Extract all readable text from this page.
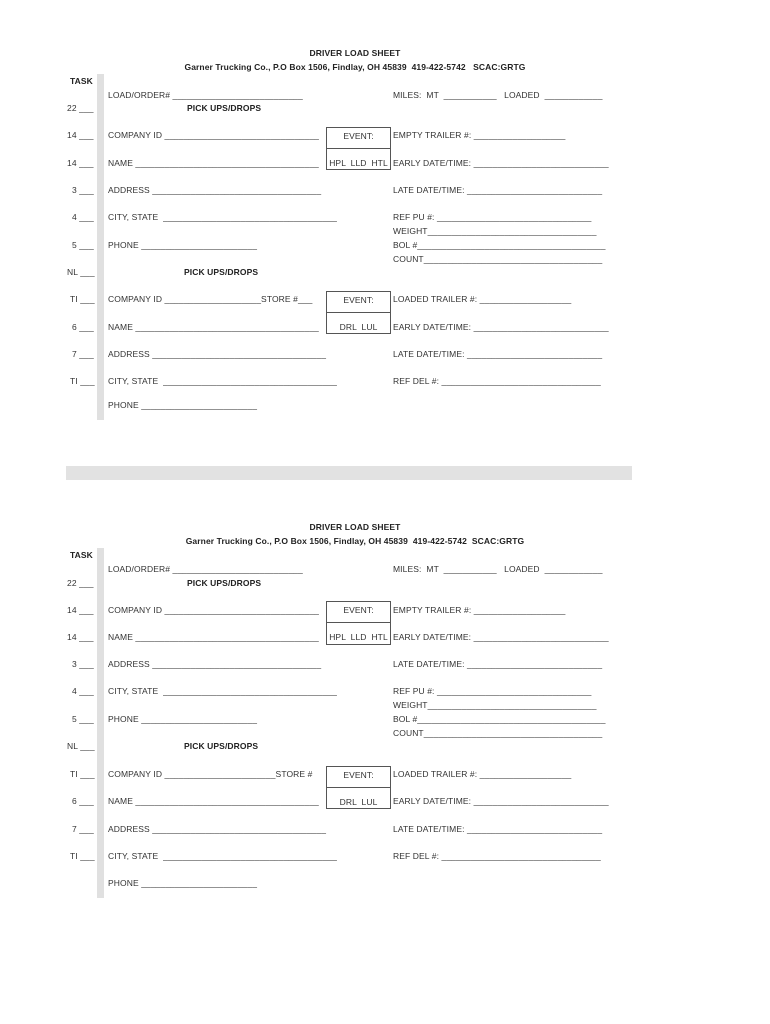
DRIVER LOAD SHEET
Garner Trucking Co., P.O Box 1506, Findlay, OH 45839  419-422-5742   SCAC:GRTG
TASK
22 ___
14 ___
14 ___
3 ___
4 ___
5 ___
NL ___
TI ___
6 ___
7 ___
TI ___
LOAD/ORDER# ___________________________
PICK UPS/DROPS
COMPANY ID ________________________________
NAME ______________________________________
ADDRESS ___________________________________
CITY, STATE  ____________________________________
PHONE ________________________
EVENT:
HPL  LLD  HTL
MILES:  MT  ___________   LOADED  ____________
EMPTY TRAILER #: ___________________
EARLY DATE/TIME: ____________________________
LATE DATE/TIME: ____________________________
REF PU #: ________________________________
WEIGHT___________________________________
BOL #_______________________________________
COUNT_____________________________________
PICK UPS/DROPS
COMPANY ID ____________________STORE #___
NAME ______________________________________
ADDRESS ____________________________________
CITY, STATE  ____________________________________
PHONE ________________________
EVENT:
DRL  LUL
LOADED TRAILER #: ___________________
EARLY DATE/TIME: ____________________________
LATE DATE/TIME: ____________________________
REF DEL #: _________________________________
DRIVER LOAD SHEET
Garner Trucking Co., P.O Box 1506, Findlay, OH 45839  419-422-5742  SCAC:GRTG
TASK
22 ___
14 ___
14 ___
3 ___
4 ___
5 ___
NL ___
TI ___
6 ___
7 ___
TI ___
LOAD/ORDER# ___________________________
PICK UPS/DROPS
COMPANY ID ________________________________
NAME ______________________________________
ADDRESS ___________________________________
CITY, STATE  ____________________________________
PHONE ________________________
EVENT:
HPL  LLD  HTL
MILES:  MT  ___________   LOADED  ____________
EMPTY TRAILER #: ___________________
EARLY DATE/TIME: ____________________________
LATE DATE/TIME: ____________________________
REF PU #: ________________________________
WEIGHT___________________________________
BOL #_______________________________________
COUNT_____________________________________
PICK UPS/DROPS
COMPANY ID _______________________STORE #
NAME ______________________________________
ADDRESS ____________________________________
CITY, STATE  ____________________________________
PHONE ________________________
EVENT:
DRL  LUL
LOADED TRAILER #: ___________________
EARLY DATE/TIME: ____________________________
LATE DATE/TIME: ____________________________
REF DEL #: _________________________________
